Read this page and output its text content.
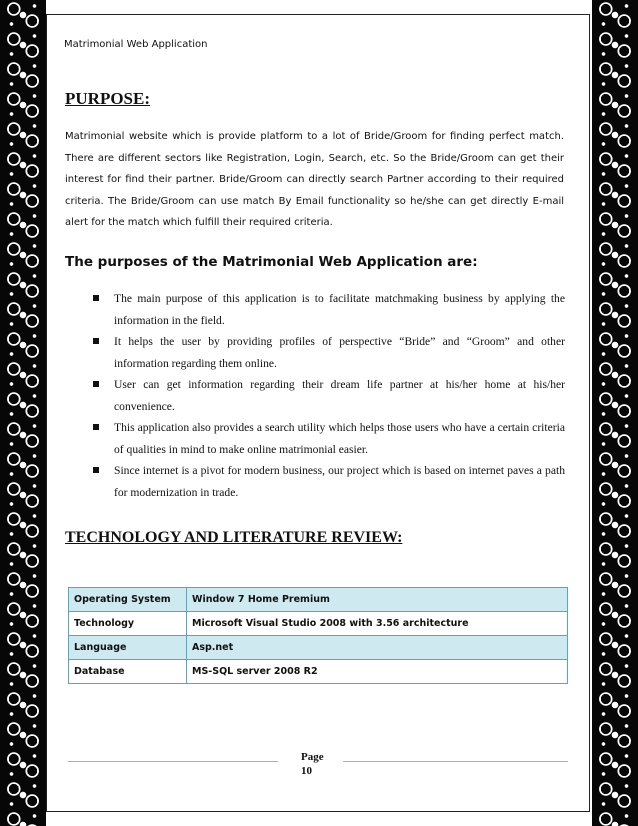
Matrimonial Web Application
PURPOSE:
Matrimonial website which is provide platform to a lot of Bride/Groom for finding perfect match. There are different sectors like Registration, Login, Search, etc. So the Bride/Groom can get their interest for find their partner. Bride/Groom can directly search Partner according to their required criteria. The Bride/Groom can use match By Email functionality so he/she can get directly E-mail alert for the match which fulfill their required criteria.
The purposes of the Matrimonial Web Application are:
The main purpose of this application is to facilitate matchmaking business by applying the information in the field.
It helps the user by providing profiles of perspective “Bride” and “Groom” and other information regarding them online.
User can get information regarding their dream life partner at his/her home at his/her convenience.
This application also provides a search utility which helps those users who have a certain criteria of qualities in mind to make online matrimonial easier.
Since internet is a pivot for modern business, our project which is based on internet paves a path for modernization in trade.
TECHNOLOGY AND LITERATURE REVIEW:
Operating System	Window 7 Home Premium
Technology	Microsoft Visual Studio 2008 with 3.56 architecture
Language	Asp.net
Database	MS-SQL server 2008 R2
Page
10
